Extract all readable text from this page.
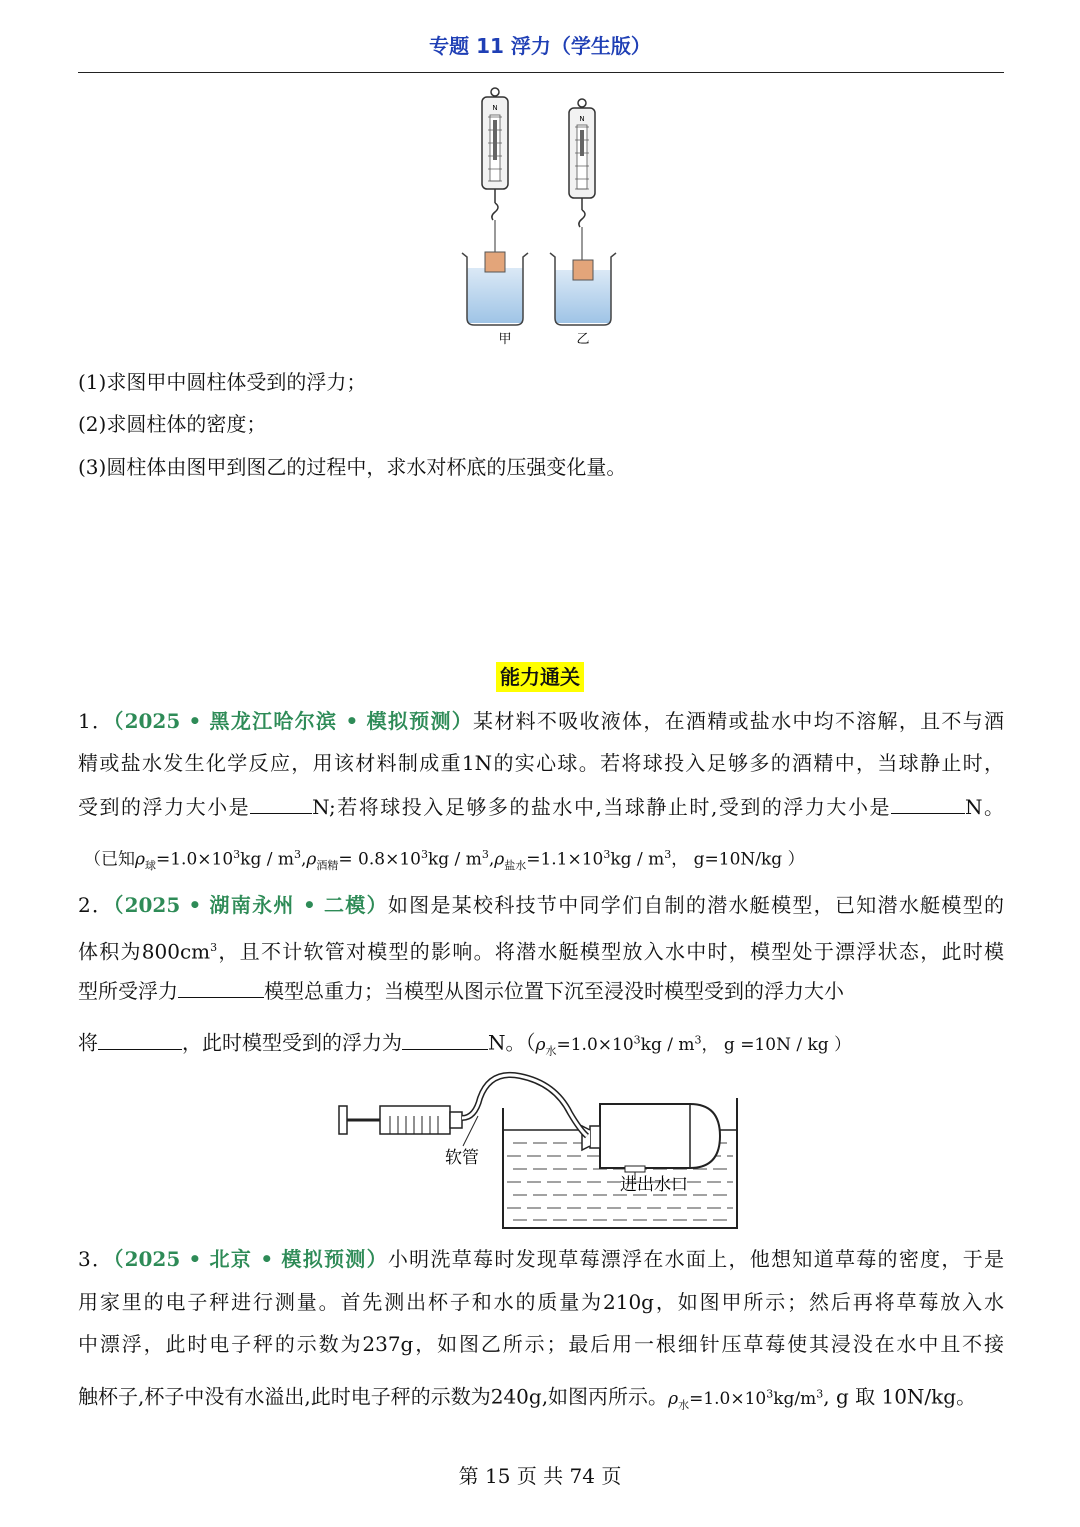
专题 11 浮力（学生版）
N
甲
N
乙
(1)求图甲中圆柱体受到的浮力；
(2)求圆柱体的密度；
(3)圆柱体由图甲到图乙的过程中，求水对杯底的压强变化量。
能力通关
1．（2025 • 黑龙江哈尔滨 • 模拟预测）某材料不吸收液体，在酒精或盐水中均不溶解，且不与酒
精或盐水发生化学反应，用该材料制成重1N的实心球。若将球投入足够多的酒精中，当球静止时，
受到的浮力大小是	N;若将球投入足够多的盐水中,当球静止时,受到的浮力大小是	N。
（已知$\rho_球=1.0\times 10^3kg / m^3,\rho_{酒精}= 0.8\times 10^3kg / m^3,\rho_{盐水}=1.1\times 10^3kg / m^3$， g=10N/kg ）
2．（2025 • 湖南永州 • 二模）如图是某校科技节中同学们自制的潜水艇模型，已知潜水艇模型的
体积为$800cm^3$，且不计软管对模型的影响。将潜水艇模型放入水中时，模型处于漂浮状态，此时模
型所受浮力	模型总重力；当模型从图示位置下沉至浸没时模型受到的浮力大小
将	，此时模型受到的浮力为	N。（$\rho_水=1.0\times 10^3kg / m^3$， g =10N / kg ）
软管
进出水口
3．（2025 • 北京 • 模拟预测）小明洗草莓时发现草莓漂浮在水面上，他想知道草莓的密度，于是
用家里的电子秤进行测量。首先测出杯子和水的质量为210g，如图甲所示；然后再将草莓放入水
中漂浮，此时电子秤的示数为237g，如图乙所示；最后用一根细针压草莓使其浸没在水中且不接
触杯子,杯子中没有水溢出,此时电子秤的示数为240g,如图丙所示。$\rho_水=1.0\times 10^3kg/m^3$, g 取 10N/kg。
第 15 页 共 74 页
